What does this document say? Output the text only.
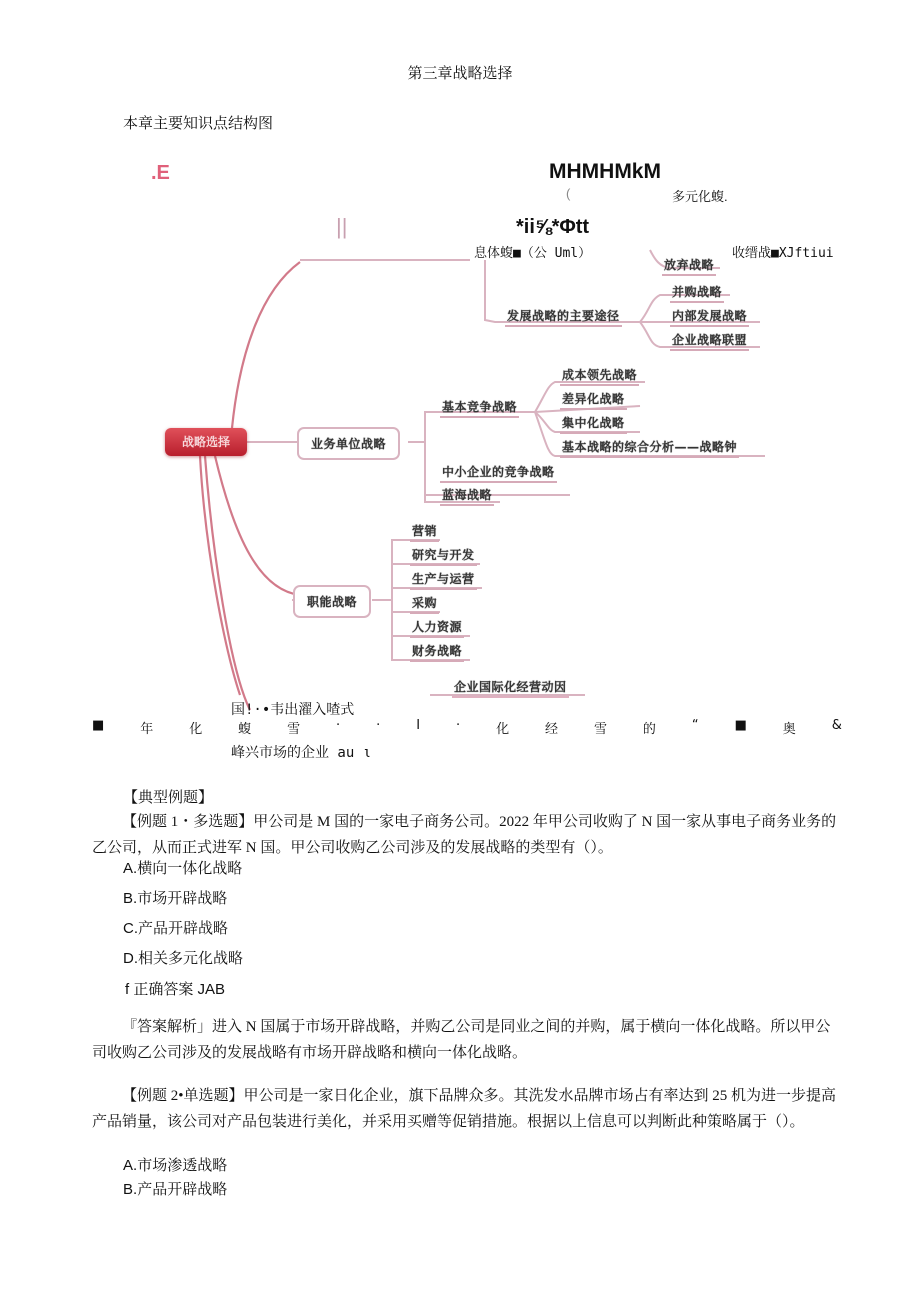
第三章战略选择
本章主要知识点结构图
.E	MHMHMkM
(	多元化蝮.
||	*ii⅝*Φtt
息体蝮■（公 Uml）	收缙战■XJftiui
放弃战略
发展战略的主要途径
并购战略
内部发展战略
企业战略联盟
战略选择	业务单位战略
基本竞争战略
成本领先战略
差异化战略
集中化战略
基本战略的综合分析——战略钟
中小企业的竞争战略
蓝海战略
职能战略
营销
研究与开发
生产与运营
采购
人力资源
财务战略
企业国际化经营动因
国!·•韦出濯入喳式
峰兴市场的企业 au ι
■	年	化	蝮	雪	·	·	I	·	化	经	雪	的	“	■	奥	&
【典型例题】
【例题 1・多选题】甲公司是 M 国的一家电子商务公司。2022 年甲公司收购了 N 国一家从事电子商务业务的乙公司，从而正式进军 N 国。甲公司收购乙公司涉及的发展战略的类型有（）。
A.横向一体化战略
B.市场开辟战略
C.产品开辟战略
D.相关多元化战略
f 正确答案 JAB
『答案解析」进入 N 国属于市场开辟战略，并购乙公司是同业之间的并购，属于横向一体化战略。所以甲公司收购乙公司涉及的发展战略有市场开辟战略和横向一体化战略。
【例题 2•单选题】甲公司是一家日化企业，旗下品牌众多。其洗发水品牌市场占有率达到 25 机为进一步提高产品销量，该公司对产品包装进行美化，并采用买赠等促销措施。根据以上信息可以判断此种策略属于（）。
A.市场渗透战略
B.产品开辟战略
